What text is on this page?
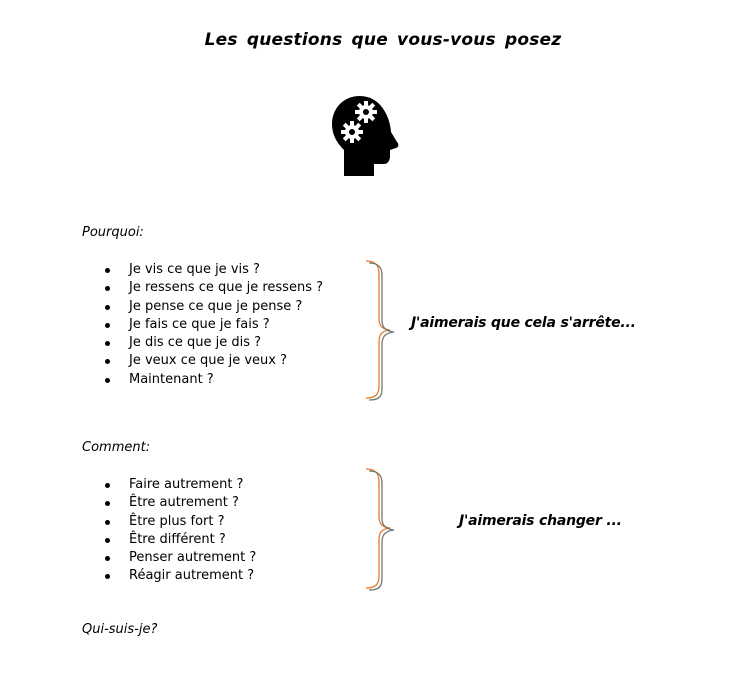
Les questions que vous-vous posez
Pourquoi:
Je vis ce que je vis ?
Je ressens ce que je ressens ?
Je pense ce que je pense ?
Je fais ce que je fais ?
Je dis ce que je dis ?
Je veux ce que je veux ?
Maintenant ?
J'aimerais que cela s'arrête...
Comment:
Faire autrement ?
Être autrement ?
Être plus fort ?
Être différent ?
Penser autrement ?
Réagir autrement ?
J'aimerais changer ...
Qui-suis-je?
